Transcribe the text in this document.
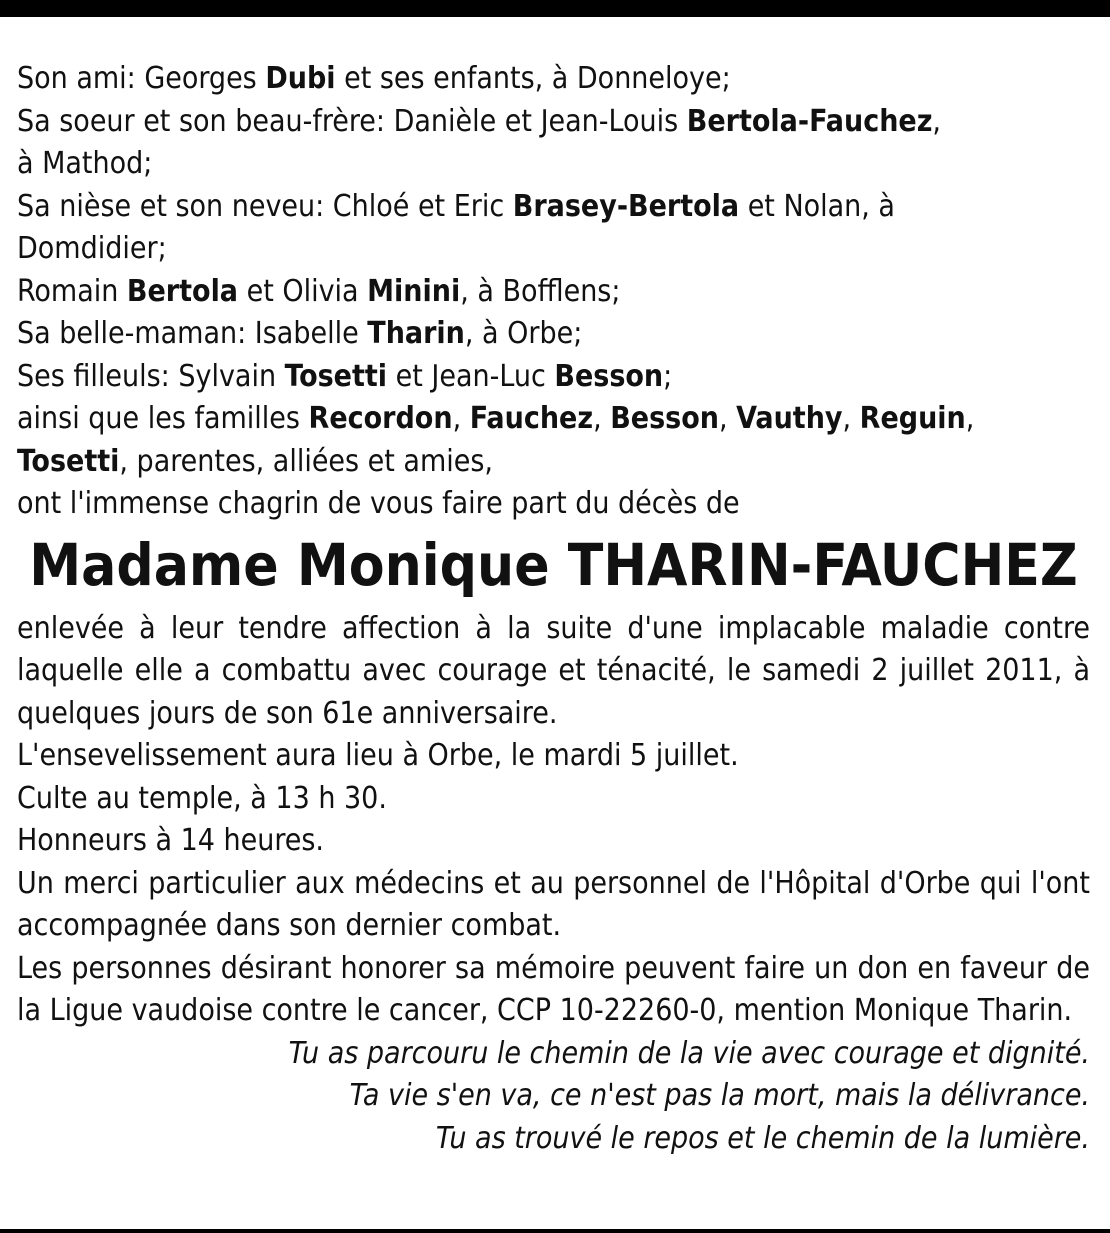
Son ami: Georges Dubi et ses enfants, à Donneloye;
Sa soeur et son beau-frère: Danièle et Jean-Louis Bertola-Fauchez,
à Mathod;
Sa nièse et son neveu: Chloé et Eric Brasey-Bertola et Nolan, à
Domdidier;
Romain Bertola et Olivia Minini, à Bofflens;
Sa belle-maman: Isabelle Tharin, à Orbe;
Ses filleuls: Sylvain Tosetti et Jean-Luc Besson;
ainsi que les familles Recordon, Fauchez, Besson, Vauthy, Reguin,
Tosetti, parentes, alliées et amies,
ont l'immense chagrin de vous faire part du décès de
Madame Monique THARIN-FAUCHEZ
enlevée à leur tendre affection à la suite d'une implacable maladie contre laquelle elle a combattu avec courage et ténacité, le samedi 2 juillet 2011, à quelques jours de son 61e anniversaire.
L'ensevelissement aura lieu à Orbe, le mardi 5 juillet.
Culte au temple, à 13 h 30.
Honneurs à 14 heures.
Un merci particulier aux médecins et au personnel de l'Hôpital d'Orbe qui l'ont accompagnée dans son dernier combat.
Les personnes désirant honorer sa mémoire peuvent faire un don en faveur de la Ligue vaudoise contre le cancer, CCP 10-22260-0, mention Monique Tharin.
Tu as parcouru le chemin de la vie avec courage et dignité.
Ta vie s'en va, ce n'est pas la mort, mais la délivrance.
Tu as trouvé le repos et le chemin de la lumière.
